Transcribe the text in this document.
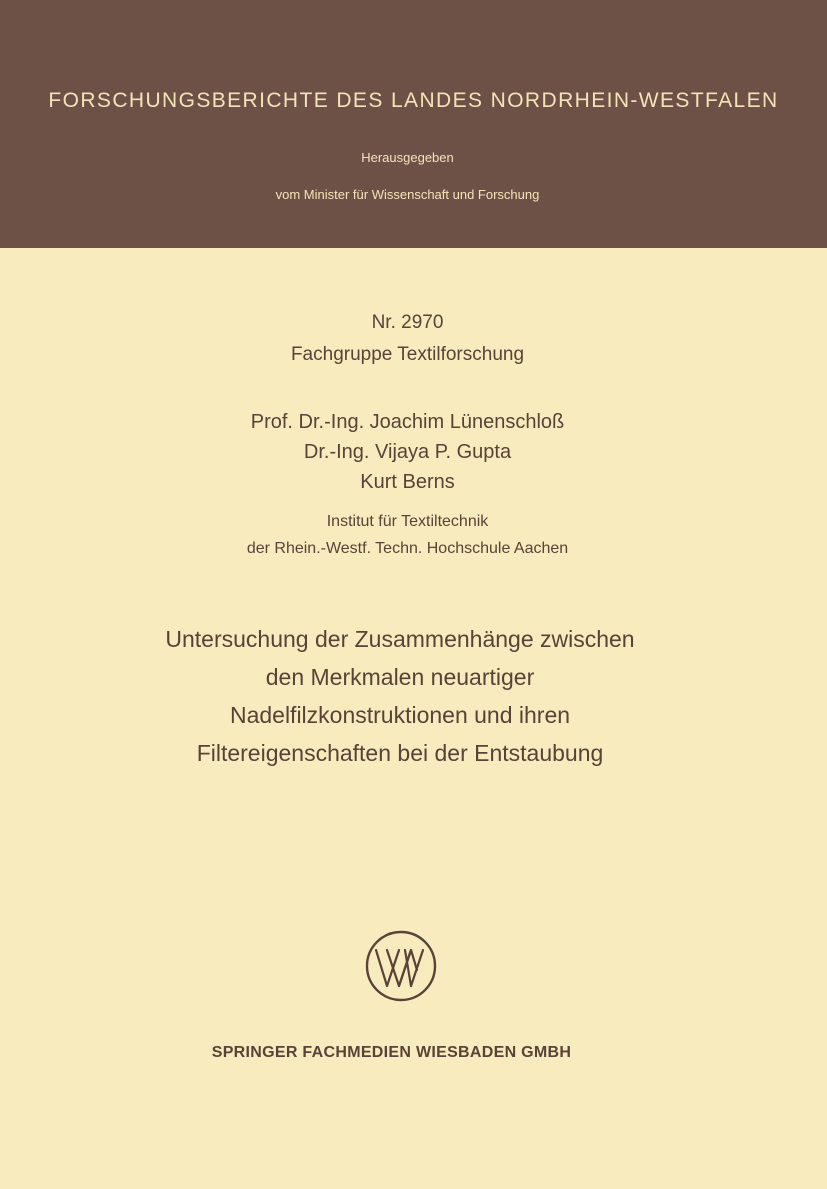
FORSCHUNGSBERICHTE DES LANDES NORDRHEIN-WESTFALEN
Herausgegeben
vom Minister für Wissenschaft und Forschung
Nr. 2970
Fachgruppe Textilforschung
Prof. Dr.-Ing. Joachim Lünenschloß
Dr.-Ing. Vijaya P. Gupta
Kurt Berns
Institut für Textiltechnik
der Rhein.-Westf. Techn. Hochschule Aachen
Untersuchung der Zusammenhänge zwischen
den Merkmalen neuartiger
Nadelfilzkonstruktionen und ihren
Filtereigenschaften bei der Entstaubung
SPRINGER FACHMEDIEN WIESBADEN GMBH
